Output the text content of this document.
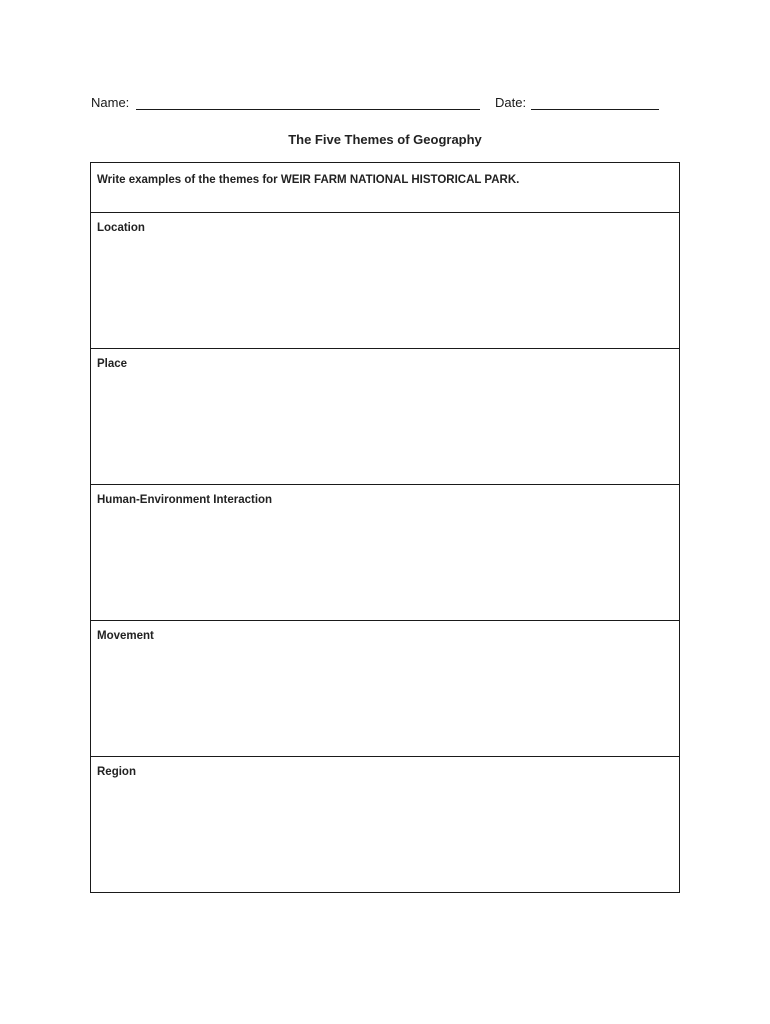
Name:	Date:
The Five Themes of Geography
Write examples of the themes for WEIR FARM NATIONAL HISTORICAL PARK.
Location
Place
Human-Environment Interaction
Movement
Region
